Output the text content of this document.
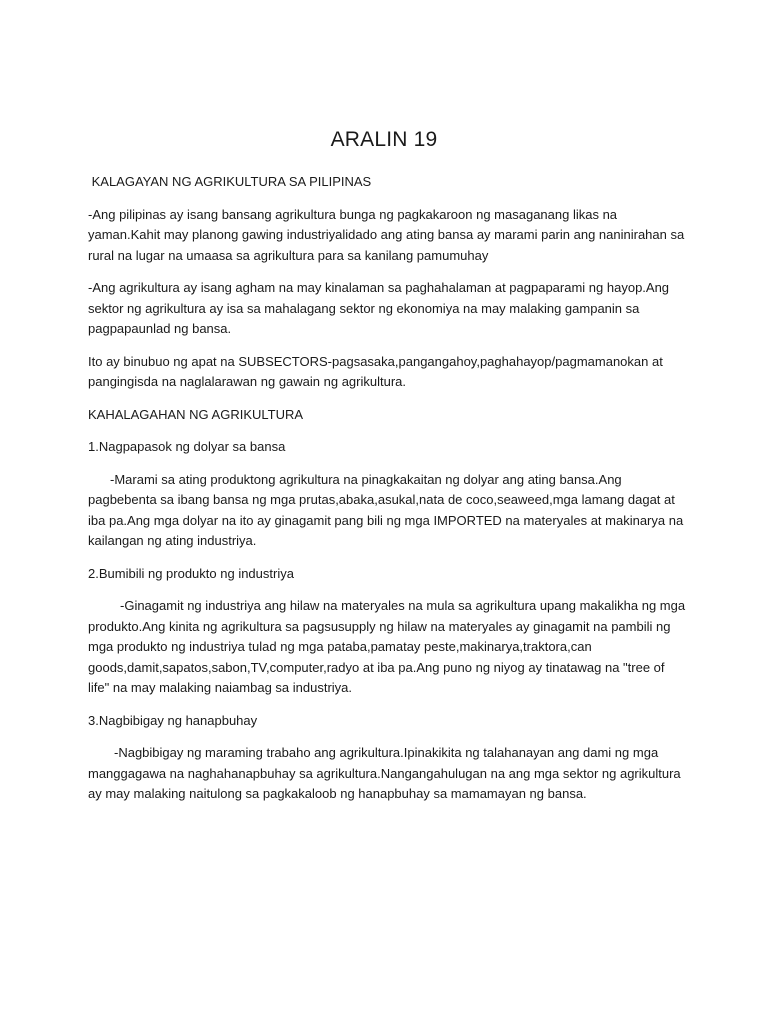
ARALIN 19

KALAGAYAN NG AGRIKULTURA SA PILIPINAS

-Ang pilipinas ay isang bansang agrikultura bunga ng pagkakaroon ng masaganang likas na yaman.Kahit may planong gawing industriyalidado ang ating bansa ay marami parin ang naninirahan sa rural na lugar na umaasa sa agrikultura para sa kanilang pamumuhay

-Ang agrikultura ay isang agham na may kinalaman sa paghahalaman at pagpaparami ng hayop.Ang sektor ng agrikultura ay isa sa mahalagang sektor ng ekonomiya na may malaking gampanin sa pagpapaunlad ng bansa.

Ito ay binubuo ng apat na SUBSECTORS-pagsasaka,pangangahoy,paghahayop/pagmamanokan at pangingisda na naglalarawan ng gawain ng agrikultura.

KAHALAGAHAN NG AGRIKULTURA

1.Nagpapasok ng dolyar sa bansa

-Marami sa ating produktong agrikultura na pinagkakaitan ng dolyar ang ating bansa.Ang pagbebenta sa ibang bansa ng mga prutas,abaka,asukal,nata de coco,seaweed,mga lamang dagat at iba pa.Ang mga dolyar na ito ay ginagamit pang bili ng mga IMPORTED na materyales at makinarya na kailangan ng ating industriya.

2.Bumibili ng produkto ng industriya

-Ginagamit ng industriya ang hilaw na materyales na mula sa agrikultura upang makalikha ng mga produkto.Ang kinita ng agrikultura sa pagsusupply ng hilaw na materyales ay ginagamit na pambili ng mga produkto ng industriya tulad ng mga pataba,pamatay peste,makinarya,traktora,can goods,damit,sapatos,sabon,TV,computer,radyo at iba pa.Ang puno ng niyog ay tinatawag na "tree of life" na may malaking naiambag sa industriya.

3.Nagbibigay ng hanapbuhay

-Nagbibigay ng maraming trabaho ang agrikultura.Ipinakikita ng talahanayan ang dami ng mga manggagawa na naghahanapbuhay sa agrikultura.Nangangahulugan na ang mga sektor ng agrikultura ay may malaking naitulong sa pagkakaloob ng hanapbuhay sa mamamayan ng bansa.
